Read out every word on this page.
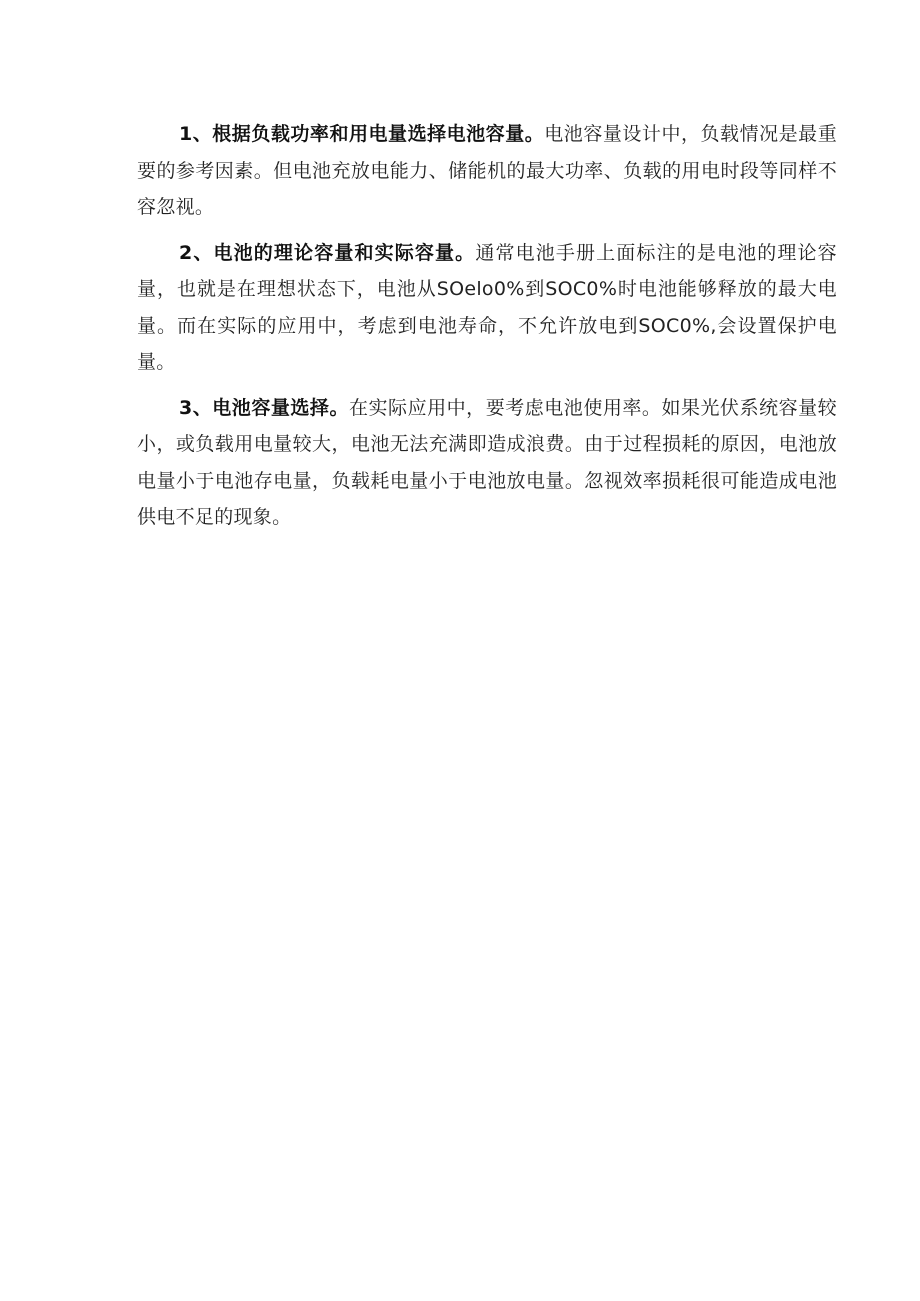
1、根据负载功率和用电量选择电池容量。电池容量设计中，负载情况是最重要的参考因素。但电池充放电能力、储能机的最大功率、负载的用电时段等同样不容忽视。

2、电池的理论容量和实际容量。通常电池手册上面标注的是电池的理论容量，也就是在理想状态下，电池从SOelo0%到SOC0%时电池能够释放的最大电量。而在实际的应用中，考虑到电池寿命，不允许放电到SOC0%,会设置保护电量。

3、电池容量选择。在实际应用中，要考虑电池使用率。如果光伏系统容量较小，或负载用电量较大，电池无法充满即造成浪费。由于过程损耗的原因，电池放电量小于电池存电量，负载耗电量小于电池放电量。忽视效率损耗很可能造成电池供电不足的现象。
